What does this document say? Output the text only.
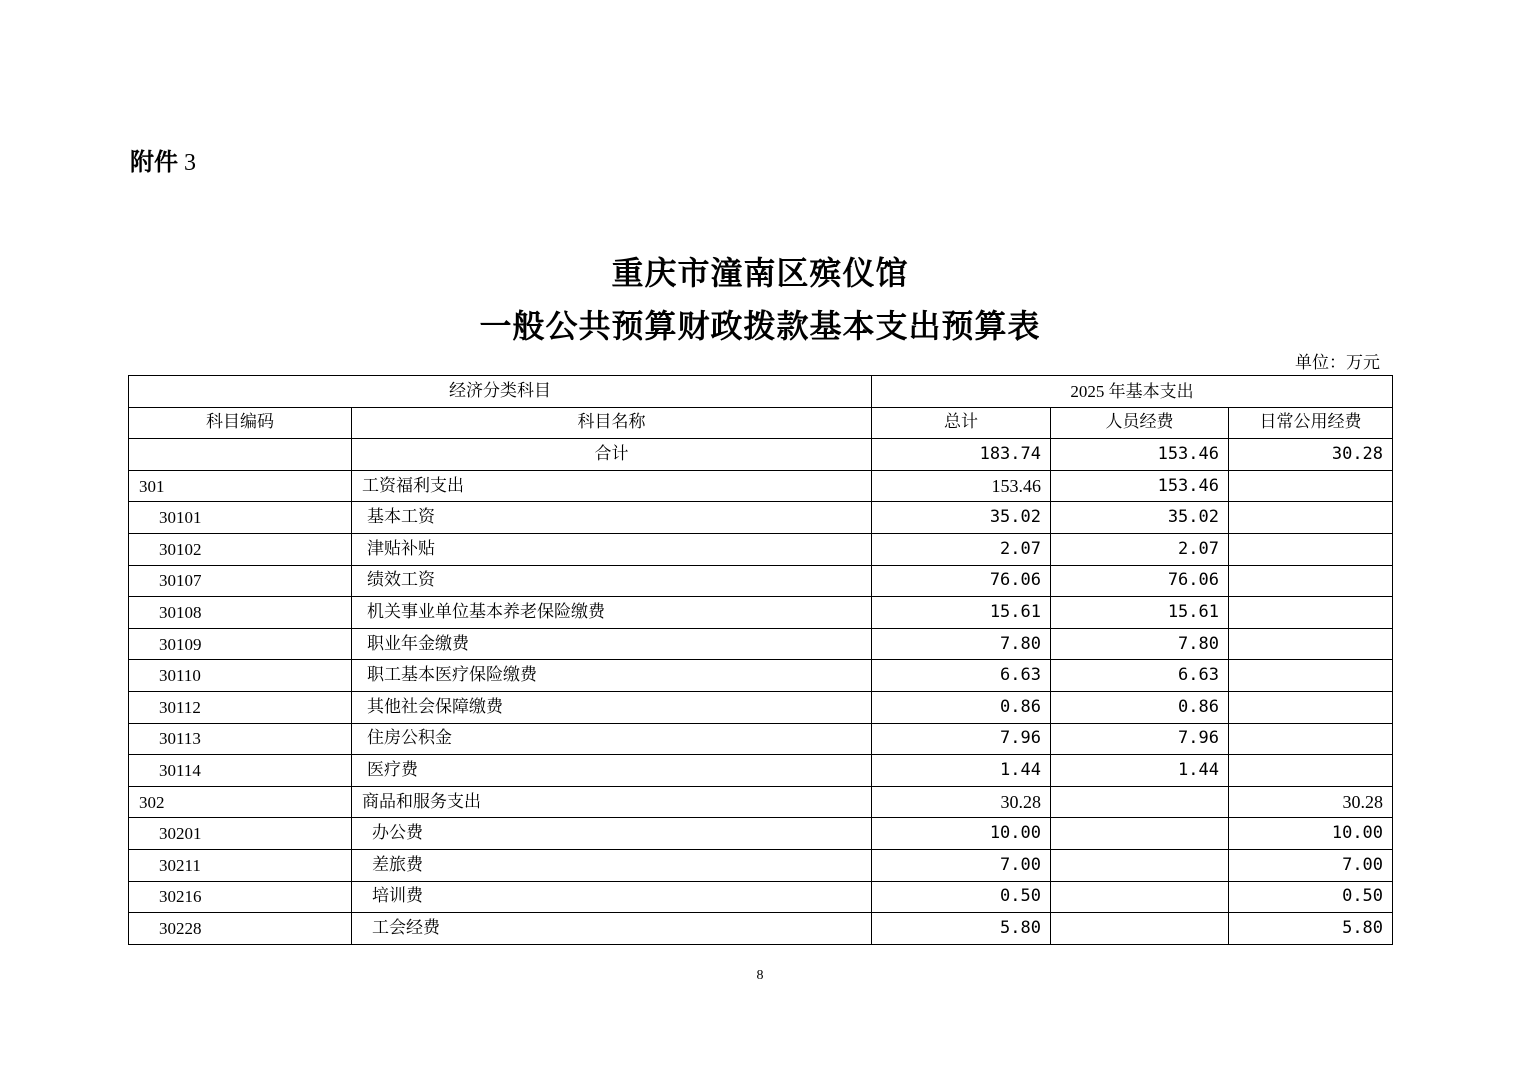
附件 3
重庆市潼南区殡仪馆
一般公共预算财政拨款基本支出预算表
单位：万元
经济分类科目		2025 年基本支出		
科目编码	科目名称	总计	人员经费	日常公用经费
	合计	183.74	153.46	30.28
301	工资福利支出	153.46	153.46	
30101	基本工资	35.02	35.02	
30102	津贴补贴	2.07	2.07	
30107	绩效工资	76.06	76.06	
30108	机关事业单位基本养老保险缴费	15.61	15.61	
30109	职业年金缴费	7.80	7.80	
30110	职工基本医疗保险缴费	6.63	6.63	
30112	其他社会保障缴费	0.86	0.86	
30113	住房公积金	7.96	7.96	
30114	医疗费	1.44	1.44	
302	商品和服务支出	30.28		30.28
30201	办公费	10.00		10.00
30211	差旅费	7.00		7.00
30216	培训费	0.50		0.50
30228	工会经费	5.80		5.80
8
